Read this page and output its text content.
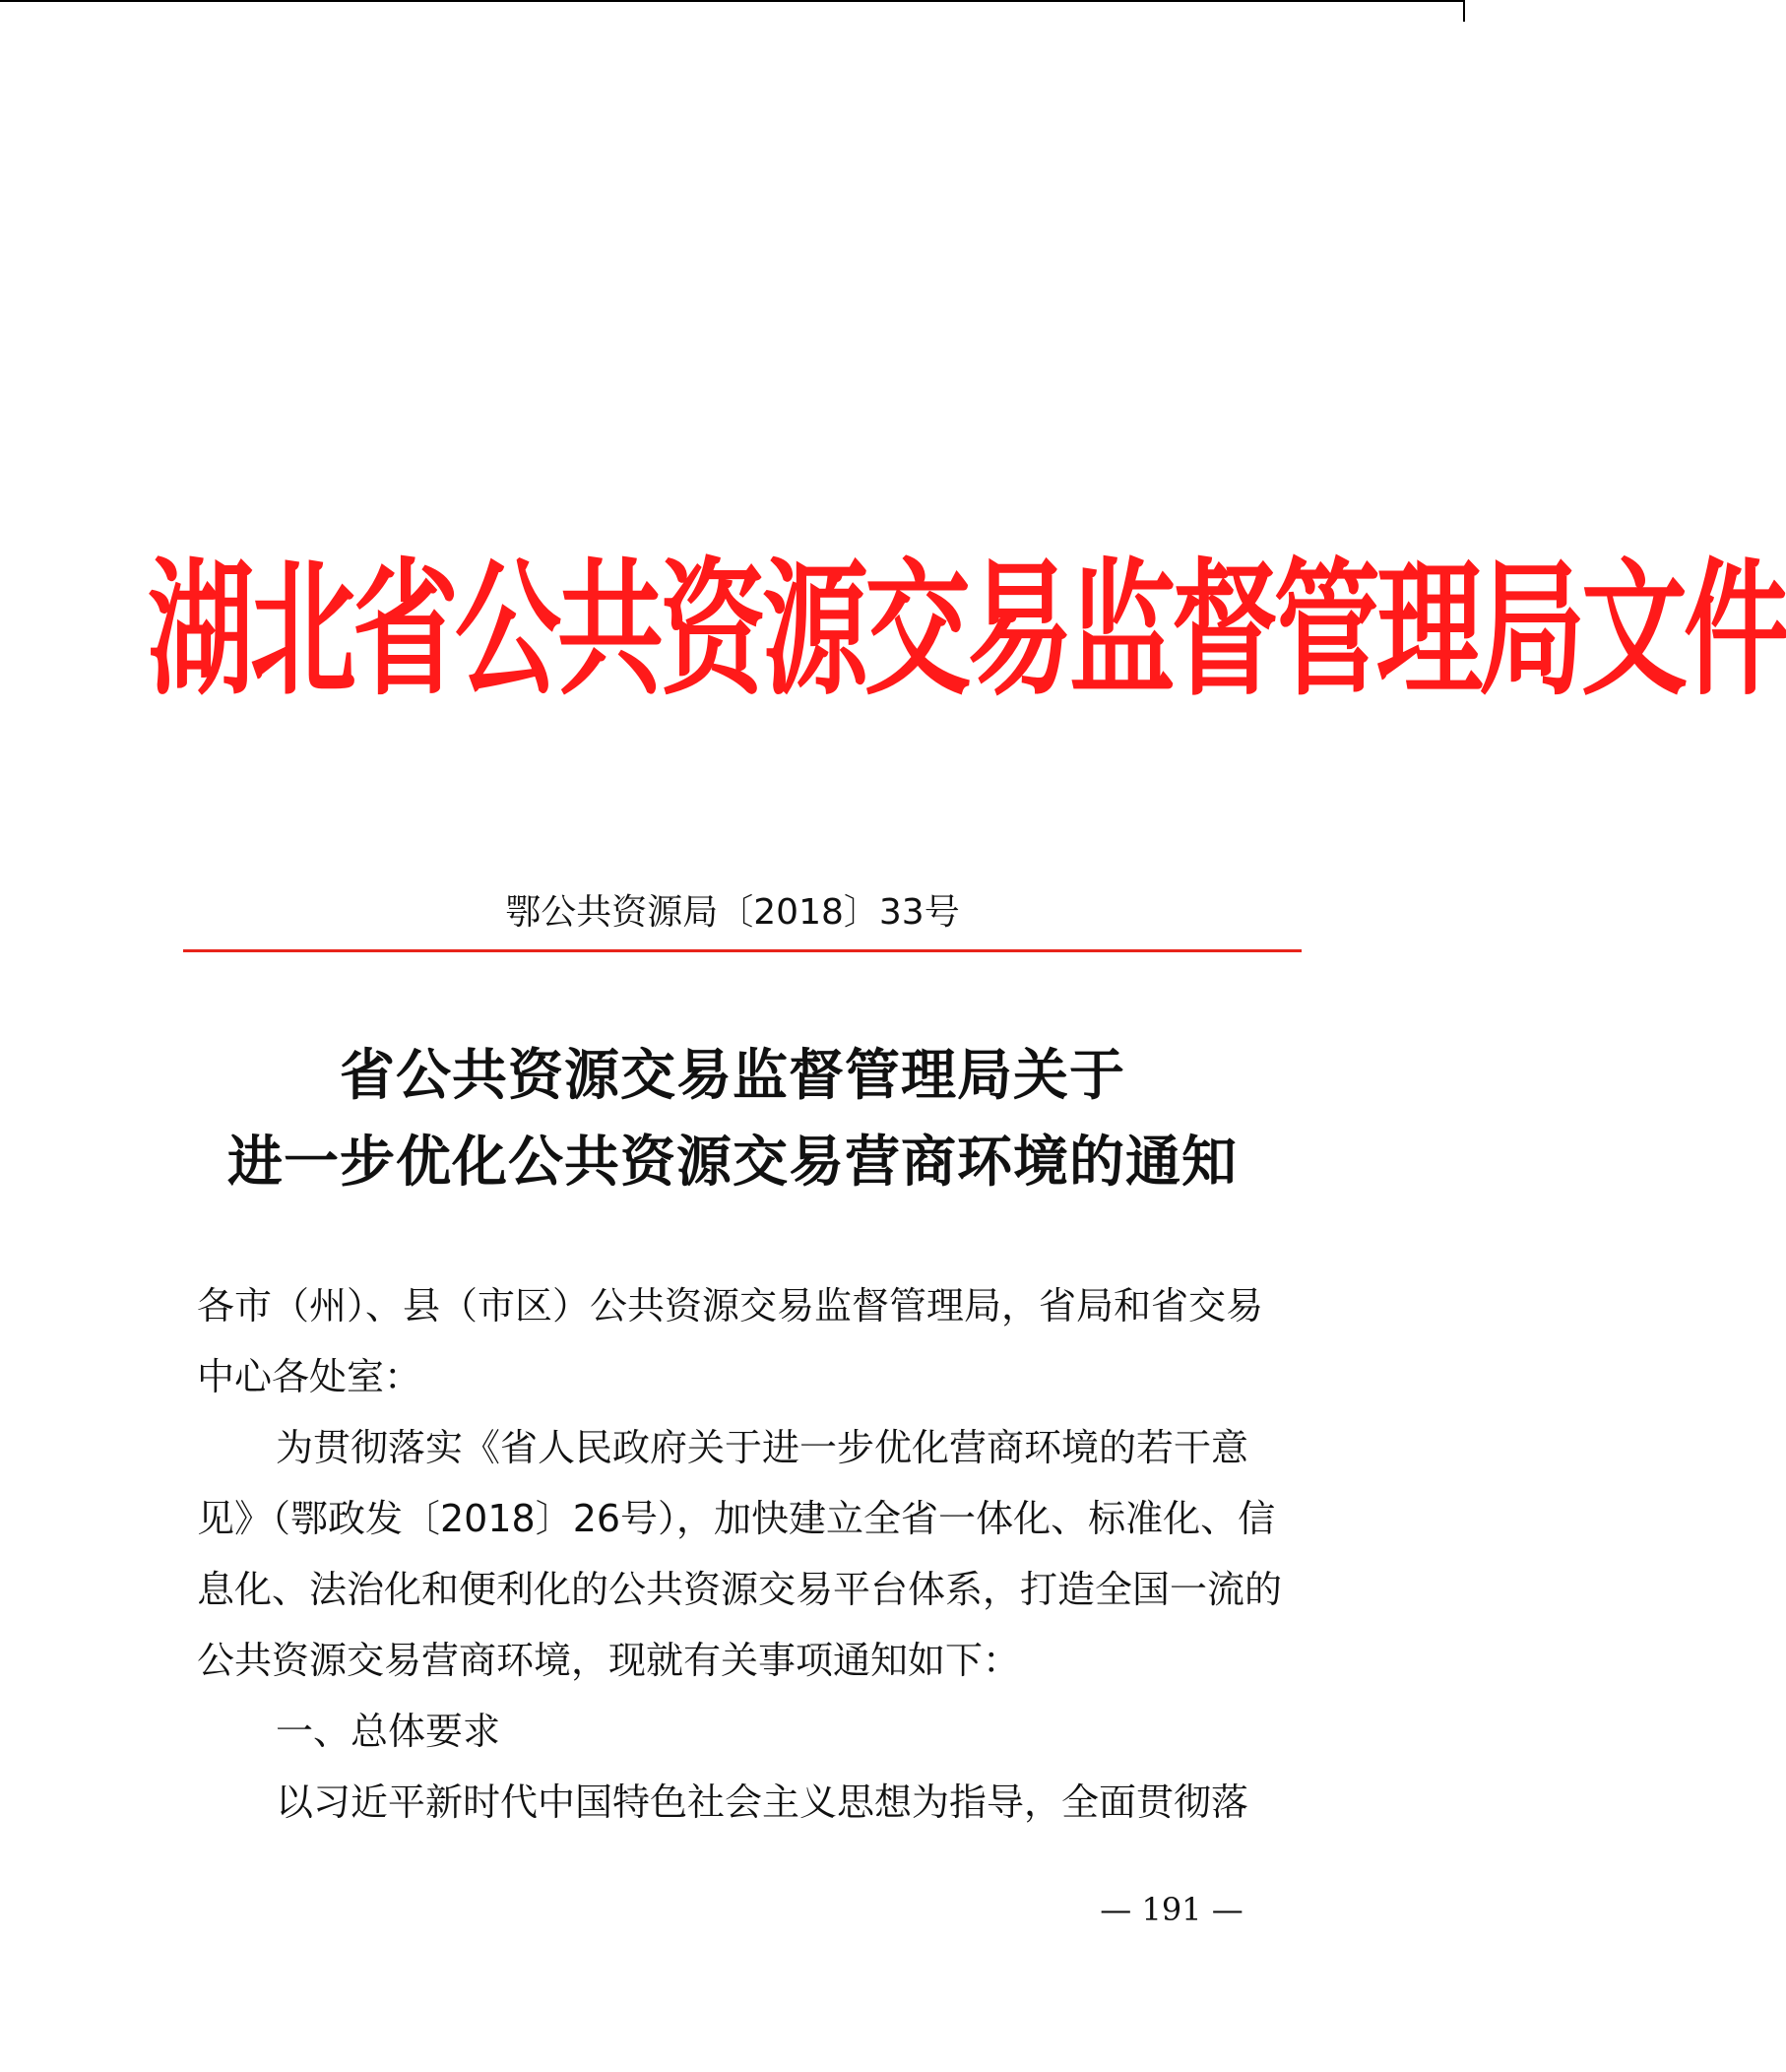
湖北省公共资源交易监督管理局文件
鄂公共资源局〔2018〕33号
省公共资源交易监督管理局关于
进一步优化公共资源交易营商环境的通知

各市（州）、县（市区）公共资源交易监督管理局，省局和省交易中心各处室：

为贯彻落实《省人民政府关于进一步优化营商环境的若干意见》（鄂政发〔2018〕26号），加快建立全省一体化、标准化、信息化、法治化和便利化的公共资源交易平台体系，打造全国一流的公共资源交易营商环境，现就有关事项通知如下：

一、总体要求

以习近平新时代中国特色社会主义思想为指导，全面贯彻落

— 191 —
